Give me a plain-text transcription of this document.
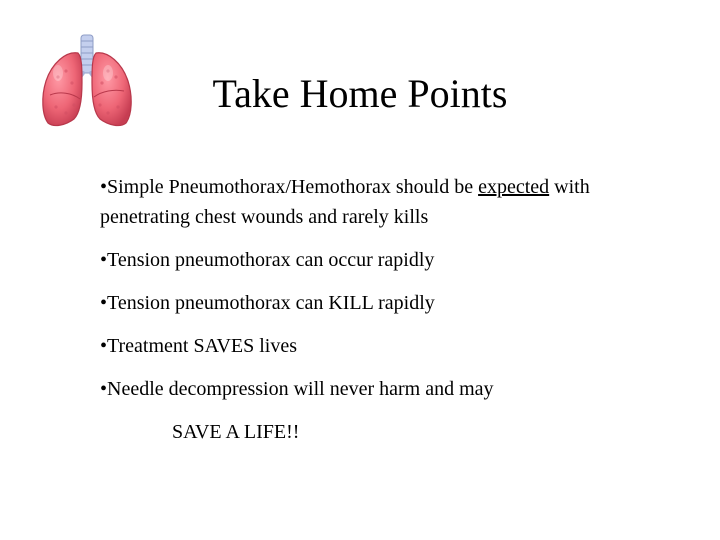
Take Home Points
•Simple Pneumothorax/Hemothorax should be expected with penetrating chest wounds and rarely kills
•Tension pneumothorax can occur rapidly
•Tension pneumothorax can KILL rapidly
•Treatment SAVES lives
•Needle decompression will never harm and may
SAVE A LIFE!!
